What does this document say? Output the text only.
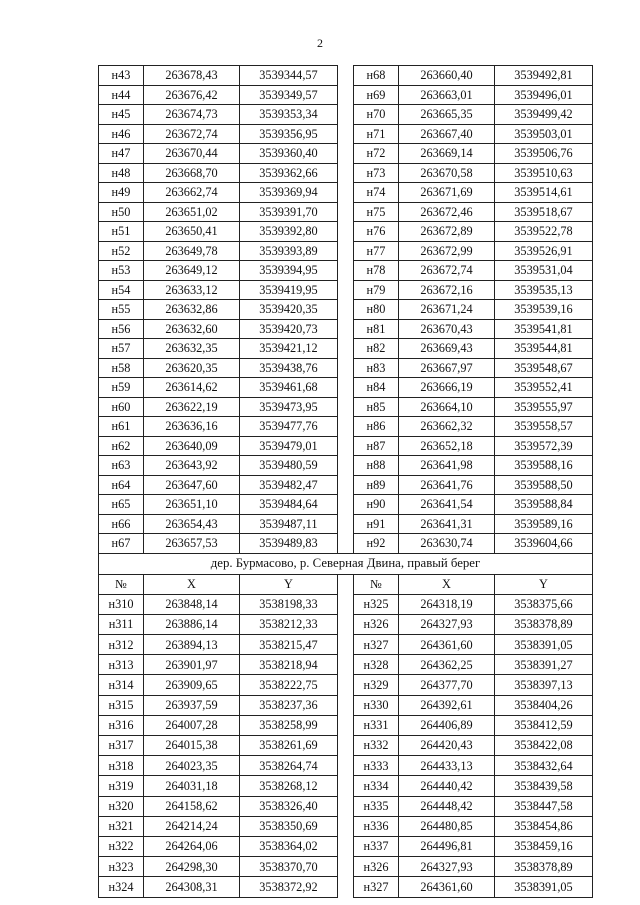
2
н43	263678,43	3539344,57		н68	263660,40	3539492,81
н44	263676,42	3539349,57		н69	263663,01	3539496,01
н45	263674,73	3539353,34		н70	263665,35	3539499,42
н46	263672,74	3539356,95		н71	263667,40	3539503,01
н47	263670,44	3539360,40		н72	263669,14	3539506,76
н48	263668,70	3539362,66		н73	263670,58	3539510,63
н49	263662,74	3539369,94		н74	263671,69	3539514,61
н50	263651,02	3539391,70		н75	263672,46	3539518,67
н51	263650,41	3539392,80		н76	263672,89	3539522,78
н52	263649,78	3539393,89		н77	263672,99	3539526,91
н53	263649,12	3539394,95		н78	263672,74	3539531,04
н54	263633,12	3539419,95		н79	263672,16	3539535,13
н55	263632,86	3539420,35		н80	263671,24	3539539,16
н56	263632,60	3539420,73		н81	263670,43	3539541,81
н57	263632,35	3539421,12		н82	263669,43	3539544,81
н58	263620,35	3539438,76		н83	263667,97	3539548,67
н59	263614,62	3539461,68		н84	263666,19	3539552,41
н60	263622,19	3539473,95		н85	263664,10	3539555,97
н61	263636,16	3539477,76		н86	263662,32	3539558,57
н62	263640,09	3539479,01		н87	263652,18	3539572,39
н63	263643,92	3539480,59		н88	263641,98	3539588,16
н64	263647,60	3539482,47		н89	263641,76	3539588,50
н65	263651,10	3539484,64		н90	263641,54	3539588,84
н66	263654,43	3539487,11		н91	263641,31	3539589,16
н67	263657,53	3539489,83		н92	263630,74	3539604,66
дер. Бурмасово, р. Северная Двина, правый берег						
№	X	Y		№	X	Y
н310	263848,14	3538198,33		н325	264318,19	3538375,66
н311	263886,14	3538212,33		н326	264327,93	3538378,89
н312	263894,13	3538215,47		н327	264361,60	3538391,05
н313	263901,97	3538218,94		н328	264362,25	3538391,27
н314	263909,65	3538222,75		н329	264377,70	3538397,13
н315	263937,59	3538237,36		н330	264392,61	3538404,26
н316	264007,28	3538258,99		н331	264406,89	3538412,59
н317	264015,38	3538261,69		н332	264420,43	3538422,08
н318	264023,35	3538264,74		н333	264433,13	3538432,64
н319	264031,18	3538268,12		н334	264440,42	3538439,58
н320	264158,62	3538326,40		н335	264448,42	3538447,58
н321	264214,24	3538350,69		н336	264480,85	3538454,86
н322	264264,06	3538364,02		н337	264496,81	3538459,16
н323	264298,30	3538370,70		н326	264327,93	3538378,89
н324	264308,31	3538372,92		н327	264361,60	3538391,05
